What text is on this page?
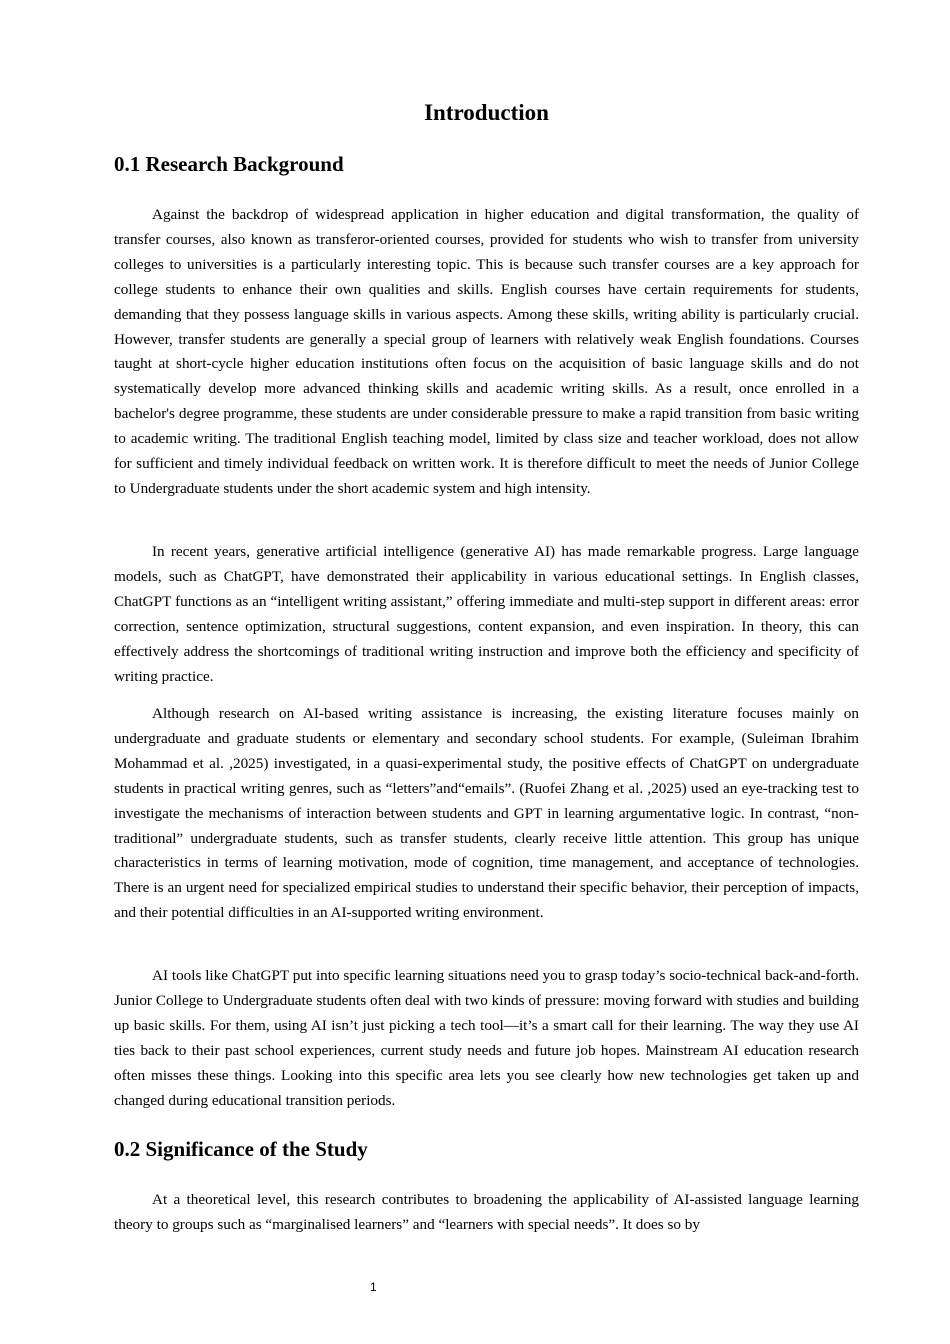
Introduction
0.1 Research Background

Against the backdrop of widespread application in higher education and digital transformation, the quality of transfer courses, also known as transferor-oriented courses, provided for students who wish to transfer from university colleges to universities is a particularly interesting topic. This is because such transfer courses are a key approach for college students to enhance their own qualities and skills. English courses have certain requirements for students, demanding that they possess language skills in various aspects. Among these skills, writing ability is particularly crucial. However, transfer students are generally a special group of learners with relatively weak English foundations. Courses taught at short-cycle higher education institutions often focus on the acquisition of basic language skills and do not systematically develop more advanced thinking skills and academic writing skills. As a result, once enrolled in a bachelor's degree programme, these students are under considerable pressure to make a rapid transition from basic writing to academic writing. The traditional English teaching model, limited by class size and teacher workload, does not allow for sufficient and timely individual feedback on written work. It is therefore difficult to meet the needs of Junior College to Undergraduate students under the short academic system and high intensity.

In recent years, generative artificial intelligence (generative AI) has made remarkable progress. Large language models, such as ChatGPT, have demonstrated their applicability in various educational settings. In English classes, ChatGPT functions as an “intelligent writing assistant,” offering immediate and multi-step support in different areas: error correction, sentence optimization, structural suggestions, content expansion, and even inspiration. In theory, this can effectively address the shortcomings of traditional writing instruction and improve both the efficiency and specificity of writing practice.

Although research on AI-based writing assistance is increasing, the existing literature focuses mainly on undergraduate and graduate students or elementary and secondary school students. For example, (Suleiman Ibrahim Mohammad et al. ,2025) investigated, in a quasi-experimental study, the positive effects of ChatGPT on undergraduate students in practical writing genres, such as “letters”and“emails”. (Ruofei Zhang et al. ,2025) used an eye-tracking test to investigate the mechanisms of interaction between students and GPT in learning argumentative logic. In contrast, “non-traditional” undergraduate students, such as transfer students, clearly receive little attention. This group has unique characteristics in terms of learning motivation, mode of cognition, time management, and acceptance of technologies. There is an urgent need for specialized empirical studies to understand their specific behavior, their perception of impacts, and their potential difficulties in an AI-supported writing environment.

AI tools like ChatGPT put into specific learning situations need you to grasp today’s socio-technical back-and-forth. Junior College to Undergraduate students often deal with two kinds of pressure: moving forward with studies and building up basic skills. For them, using AI isn’t just picking a tech tool—it’s a smart call for their learning. The way they use AI ties back to their past school experiences, current study needs and future job hopes. Mainstream AI education research often misses these things. Looking into this specific area lets you see clearly how new technologies get taken up and changed during educational transition periods.

0.2 Significance of the Study

At a theoretical level, this research contributes to broadening the applicability of AI-assisted language learning theory to groups such as “marginalised learners” and “learners with special needs”. It does so by

1
